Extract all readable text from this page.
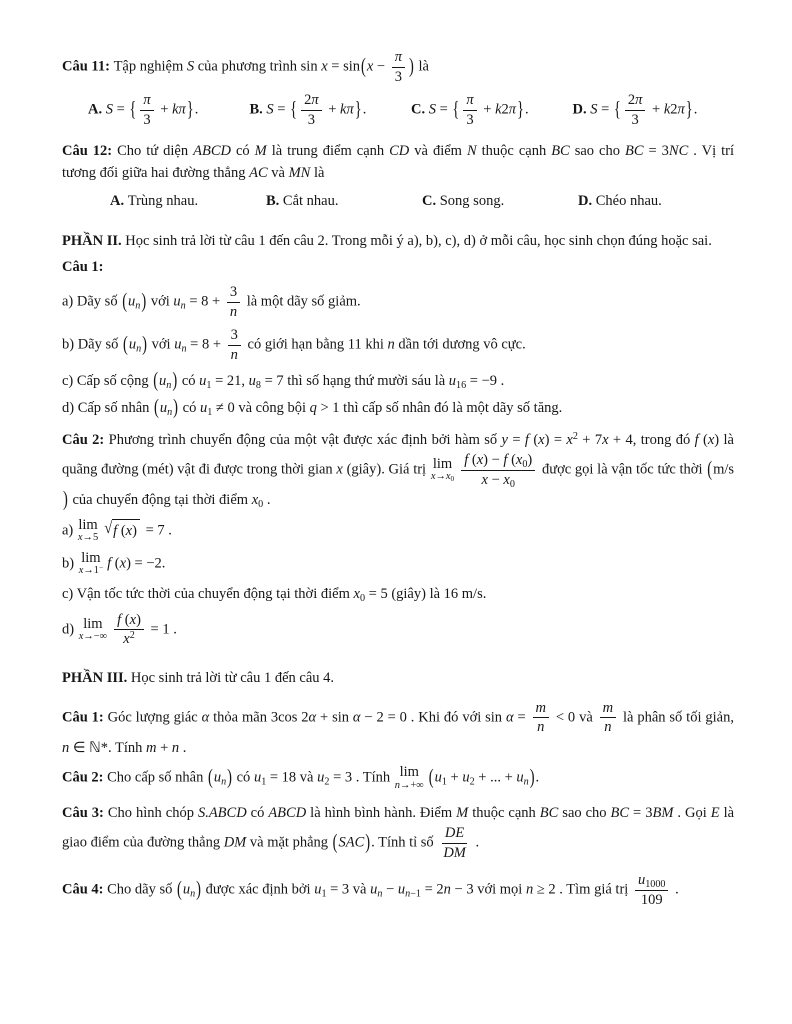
Câu 11: Tập nghiệm S của phương trình $\sin x = \sin(x - \frac{\pi}{3}$ ) là

A. S = { $\frac{\pi}{3} + k\pi$}.	B. S = { $\frac{2\pi}{3} + k\pi$}.	C. S = { $\frac{\pi}{3} + k2\pi$}.	D. S = { $\frac{2\pi}{3} + k2\pi$}.

Câu 12: Cho tứ diện ABCD có M là trung điểm cạnh CD và điểm N thuộc cạnh BC sao cho BC = 3NC . Vị trí tương đối giữa hai đường thẳng AC và MN là

A. Trùng nhau.	B. Cắt nhau.	C. Song song.	D. Chéo nhau.

PHẦN II. Học sinh trả lời từ câu 1 đến câu 2. Trong mỗi ý a), b), c), d) ở mỗi câu, học sinh chọn đúng hoặc sai.

Câu 1:

a) Dãy số $(u_n)$ với $u_n = 8 + \frac{3}{n}$ là một dãy số giảm.

b) Dãy số $(u_n)$ với $u_n = 8 + \frac{3}{n}$ có giới hạn bằng 11 khi n dần tới dương vô cực.

c) Cấp số cộng $(u_n)$ có $u_1 = 21$, $u_8 = 7$ thì số hạng thứ mười sáu là $u_{16} = -9$ .

d) Cấp số nhân $(u_n)$ có $u_1 \ne 0$ và công bội q > 1 thì cấp số nhân đó là một dãy số tăng.

Câu 2: Phương trình chuyển động của một vật được xác định bởi hàm số y = f $(x) = x^2 + 7x + 4$, trong đó f (x) là quãng đường (mét) vật đi được trong thời gian x (giây). Giá trị lim
$x\to x_0 \frac{f (x) - f (x_0)}{x - x_0}$ được gọi là vận tốc tức thời (m/s) của chuyển động tại thời điểm $x_0$ .

a) lim
x→5 √ f (x) = 7 .

b) lim
x→1− f (x) = −2.

c) Vận tốc tức thời của chuyển động tại thời điểm $x_0 = 5$ (giây) là 16 m/s.

d) lim
$x\to-\infty \frac{f (x)}{x^2} = 1$ .

PHẦN III. Học sinh trả lời từ câu 1 đến câu 4.

Câu 1: Góc lượng giác α thỏa mãn 3cos 2α + sin α − 2 = 0 . Khi đó với $\sin \alpha = \frac{m}{n} < 0$ và $\frac{m}{n}$ là phân số tối giản, n ∈ ℕ*. Tính m + n .

Câu 2: Cho cấp số nhân $(u_n)$ có $u_1 = 18$ và $u_2 = 3$ . Tính lim
n→+∞ ($u_1 + u_2$ + ... + $u_n$).

Câu 3: Cho hình chóp S.ABCD có ABCD là hình bình hành. Điểm M thuộc cạnh BC sao cho BC = 3BM . Gọi E là giao điểm của đường thẳng DM và mặt phẳng (SAC). Tính tỉ số $\frac{DE}{DM}$ .

Câu 4: Cho dãy số $(u_n)$ được xác định bởi $u_1 = 3$ và $u_n - u_{n-1} = 2n - 3$ với mọi n ≥ 2 . Tìm giá trị $\frac{u_{1000}}{109}$ .
